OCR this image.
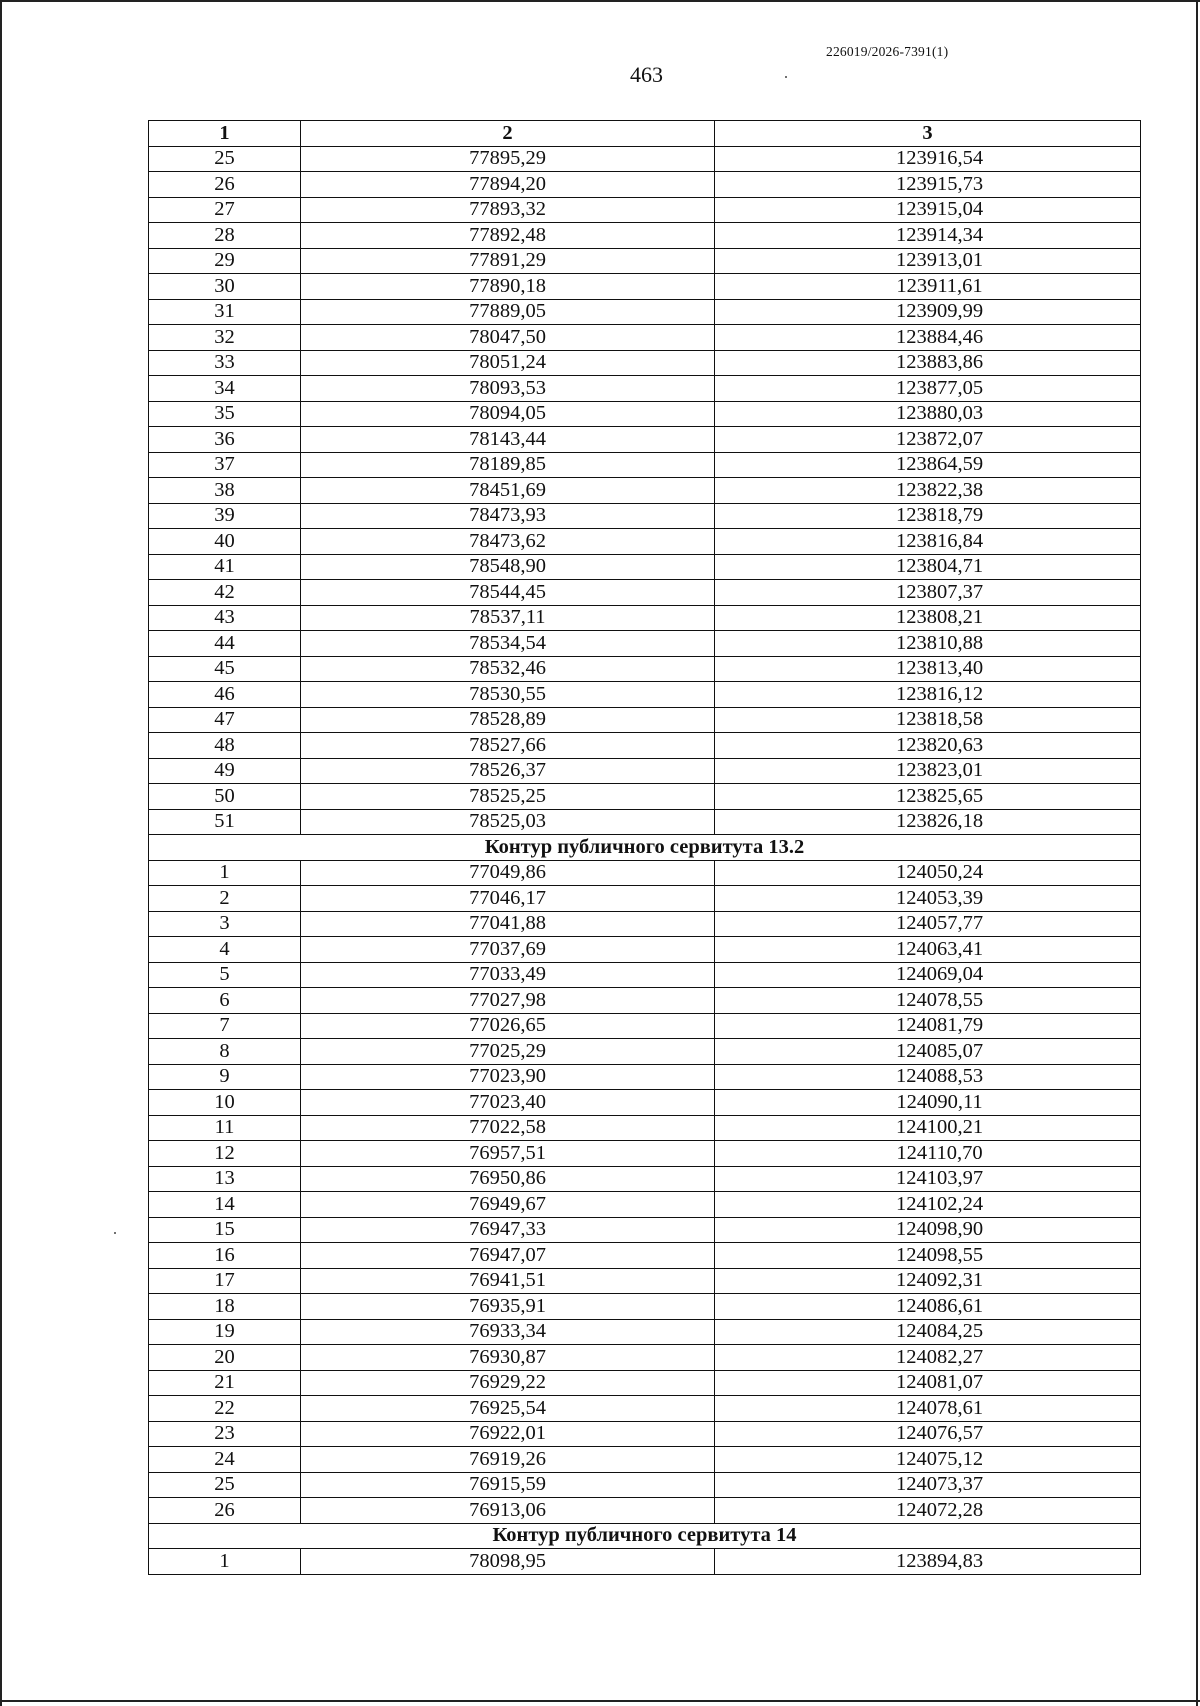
226019/2026-7391(1)
463
1	2	3
25	77895,29	123916,54
26	77894,20	123915,73
27	77893,32	123915,04
28	77892,48	123914,34
29	77891,29	123913,01
30	77890,18	123911,61
31	77889,05	123909,99
32	78047,50	123884,46
33	78051,24	123883,86
34	78093,53	123877,05
35	78094,05	123880,03
36	78143,44	123872,07
37	78189,85	123864,59
38	78451,69	123822,38
39	78473,93	123818,79
40	78473,62	123816,84
41	78548,90	123804,71
42	78544,45	123807,37
43	78537,11	123808,21
44	78534,54	123810,88
45	78532,46	123813,40
46	78530,55	123816,12
47	78528,89	123818,58
48	78527,66	123820,63
49	78526,37	123823,01
50	78525,25	123825,65
51	78525,03	123826,18
Контур публичного сервитута 13.2		
1	77049,86	124050,24
2	77046,17	124053,39
3	77041,88	124057,77
4	77037,69	124063,41
5	77033,49	124069,04
6	77027,98	124078,55
7	77026,65	124081,79
8	77025,29	124085,07
9	77023,90	124088,53
10	77023,40	124090,11
11	77022,58	124100,21
12	76957,51	124110,70
13	76950,86	124103,97
14	76949,67	124102,24
15	76947,33	124098,90
16	76947,07	124098,55
17	76941,51	124092,31
18	76935,91	124086,61
19	76933,34	124084,25
20	76930,87	124082,27
21	76929,22	124081,07
22	76925,54	124078,61
23	76922,01	124076,57
24	76919,26	124075,12
25	76915,59	124073,37
26	76913,06	124072,28
Контур публичного сервитута 14		
1	78098,95	123894,83
